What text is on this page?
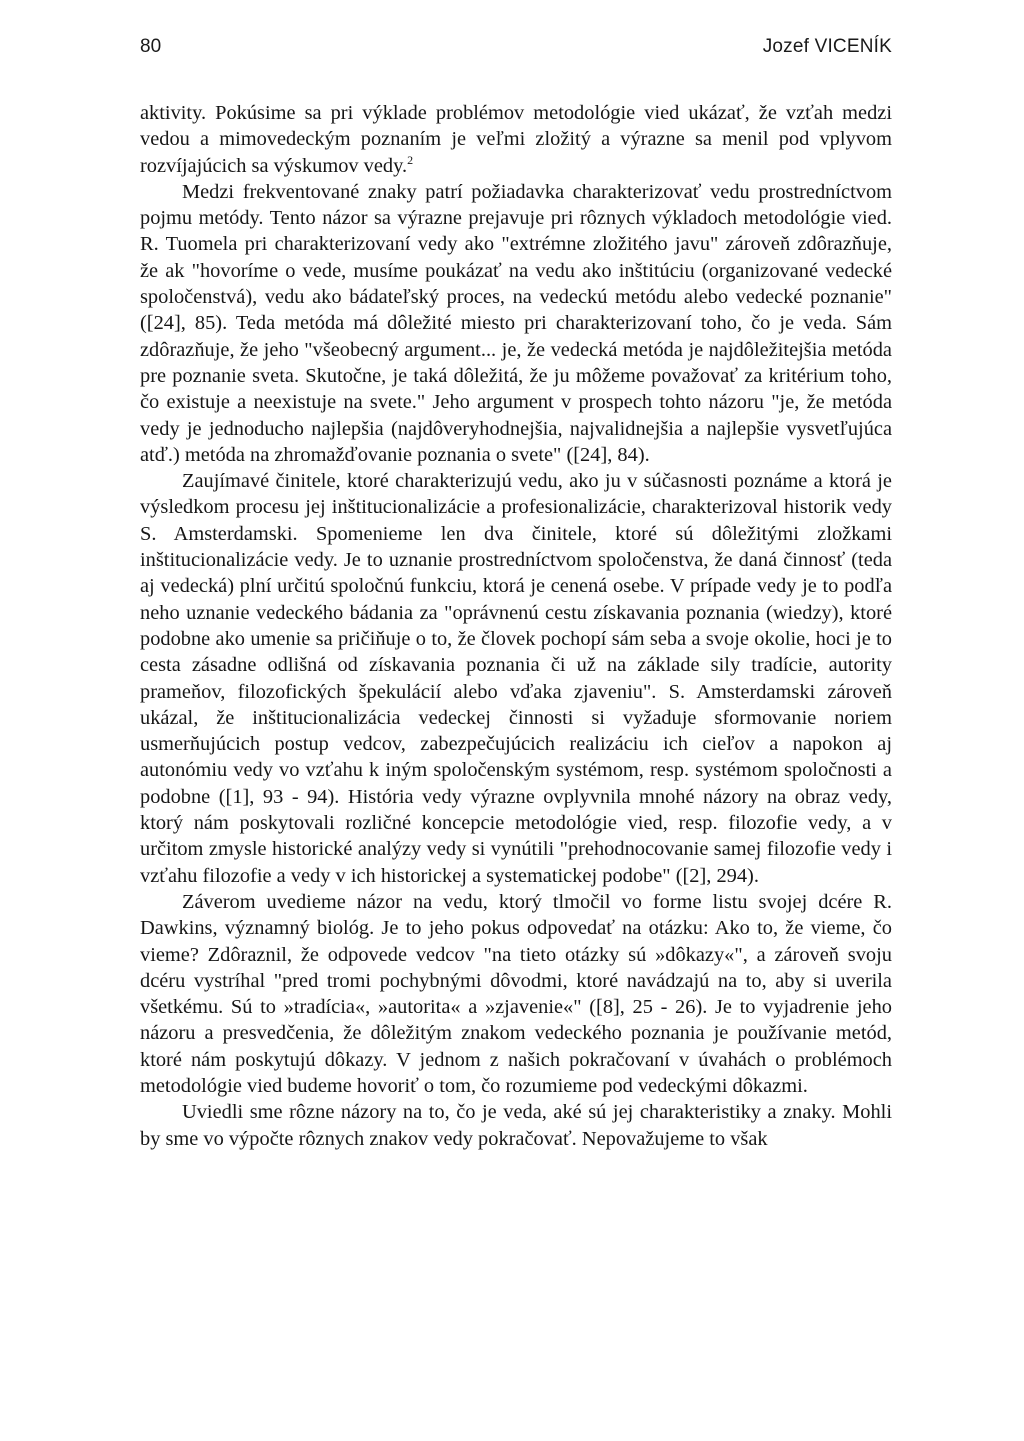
80	Jozef VICENÍK

aktivity. Pokúsime sa pri výklade problémov metodológie vied ukázať, že vzťah medzi vedou a mimovedeckým poznaním je veľmi zložitý a výrazne sa menil pod vplyvom rozvíjajúcich sa výskumov vedy.$^2$

Medzi frekventované znaky patrí požiadavka charakterizovať vedu prostredníctvom pojmu metódy. Tento názor sa výrazne prejavuje pri rôznych výkladoch metodológie vied. R. Tuomela pri charakterizovaní vedy ako "extrémne zložitého javu" zároveň zdôrazňuje, že ak "hovoríme o vede, musíme poukázať na vedu ako inštitúciu (organizované vedecké spoločenstvá), vedu ako bádateľský proces, na vedeckú metódu alebo vedecké poznanie" ([24], 85). Teda metóda má dôležité miesto pri charakterizovaní toho, čo je veda. Sám zdôrazňuje, že jeho "všeobecný argument... je, že vedecká metóda je najdôležitejšia metóda pre poznanie sveta. Skutočne, je taká dôležitá, že ju môžeme považovať za kritérium toho, čo existuje a neexistuje na svete." Jeho argument v prospech tohto názoru "je, že metóda vedy je jednoducho najlepšia (najdôveryhodnejšia, najvalidnejšia a najlepšie vysvetľujúca atď.) metóda na zhromažďovanie poznania o svete" ([24], 84).

Zaujímavé činitele, ktoré charakterizujú vedu, ako ju v súčasnosti poznáme a ktorá je výsledkom procesu jej inštitucionalizácie a profesionalizácie, charakterizoval historik vedy S. Amsterdamski. Spomenieme len dva činitele, ktoré sú dôležitými zložkami inštitucionalizácie vedy. Je to uznanie prostredníctvom spoločenstva, že daná činnosť (teda aj vedecká) plní určitú spoločnú funkciu, ktorá je cenená osebe. V prípade vedy je to podľa neho uznanie vedeckého bádania za "oprávnenú cestu získavania poznania (wiedzy), ktoré podobne ako umenie sa pričiňuje o to, že človek pochopí sám seba a svoje okolie, hoci je to cesta zásadne odlišná od získavania poznania či už na základe sily tradície, autority prameňov, filozofických špekulácií alebo vďaka zjaveniu". S. Amsterdamski zároveň ukázal, že inštitucionalizácia vedeckej činnosti si vyžaduje sformovanie noriem usmerňujúcich postup vedcov, zabezpečujúcich realizáciu ich cieľov a napokon aj autonómiu vedy vo vzťahu k iným spoločenským systémom, resp. systémom spoločnosti a podobne ([1], 93 - 94). História vedy výrazne ovplyvnila mnohé názory na obraz vedy, ktorý nám poskytovali rozličné koncepcie metodológie vied, resp. filozofie vedy, a v určitom zmysle historické analýzy vedy si vynútili "prehodnocovanie samej filozofie vedy i vzťahu filozofie a vedy v ich historickej a systematickej podobe" ([2], 294).

Záverom uvedieme názor na vedu, ktorý tlmočil vo forme listu svojej dcére R. Dawkins, významný biológ. Je to jeho pokus odpovedať na otázku: Ako to, že vieme, čo vieme? Zdôraznil, že odpovede vedcov "na tieto otázky sú »dôkazy«", a zároveň svoju dcéru vystríhal "pred tromi pochybnými dôvodmi, ktoré navádzajú na to, aby si uverila všetkému. Sú to »tradícia«, »autorita« a »zjavenie«" ([8], 25 - 26). Je to vyjadrenie jeho názoru a presvedčenia, že dôležitým znakom vedeckého poznania je používanie metód, ktoré nám poskytujú dôkazy. V jednom z našich pokračovaní v úvahách o problémoch metodológie vied budeme hovoriť o tom, čo rozumieme pod vedeckými dôkazmi.

Uviedli sme rôzne názory na to, čo je veda, aké sú jej charakteristiky a znaky. Mohli by sme vo výpočte rôznych znakov vedy pokračovať. Nepovažujeme to však
